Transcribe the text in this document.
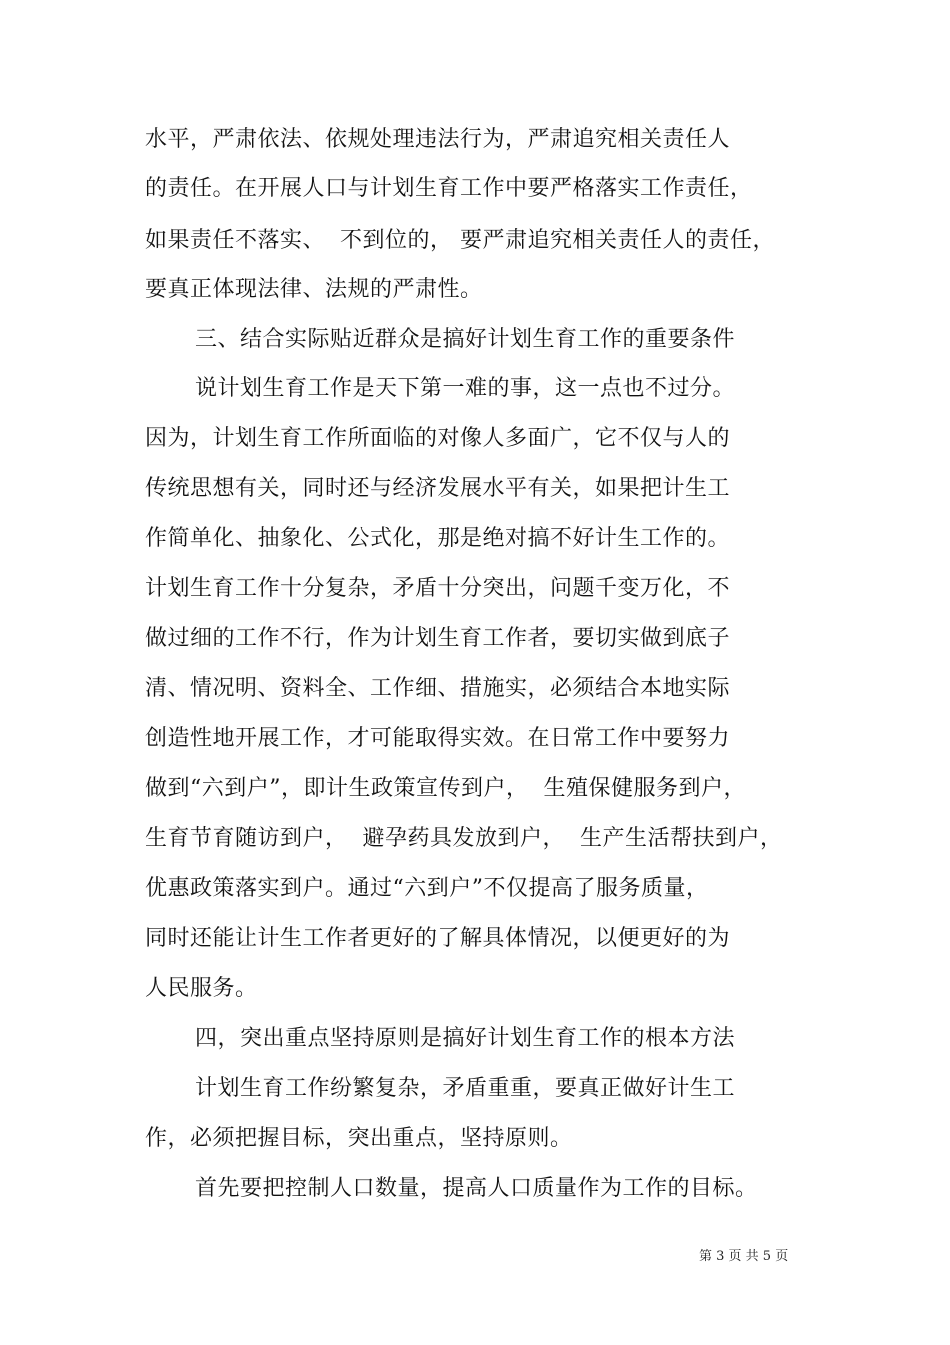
水平，严肃依法、依规处理违法行为，严肃追究相关责任人
的责任。在开展人口与计划生育工作中要严格落实工作责任，
如果责任不落实、  不到位的， 要严肃追究相关责任人的责任，
要真正体现法律、法规的严肃性。
三、结合实际贴近群众是搞好计划生育工作的重要条件
说计划生育工作是天下第一难的事，这一点也不过分。
因为，计划生育工作所面临的对像人多面广，它不仅与人的
传统思想有关，同时还与经济发展水平有关，如果把计生工
作简单化、抽象化、公式化，那是绝对搞不好计生工作的。
计划生育工作十分复杂，矛盾十分突出，问题千变万化，不
做过细的工作不行，作为计划生育工作者，要切实做到底子
清、情况明、资料全、工作细、措施实，必须结合本地实际
创造性地开展工作，才可能取得实效。在日常工作中要努力
做到“六到户”，即计生政策宣传到户，  生殖保健服务到户，
生育节育随访到户，  避孕药具发放到户，  生产生活帮扶到户，
优惠政策落实到户。通过“六到户”不仅提高了服务质量，
同时还能让计生工作者更好的了解具体情况，以便更好的为
人民服务。
四，突出重点坚持原则是搞好计划生育工作的根本方法
计划生育工作纷繁复杂，矛盾重重，要真正做好计生工
作，必须把握目标，突出重点，坚持原则。
首先要把控制人口数量，提高人口质量作为工作的目标。
第 3 页 共 5 页
